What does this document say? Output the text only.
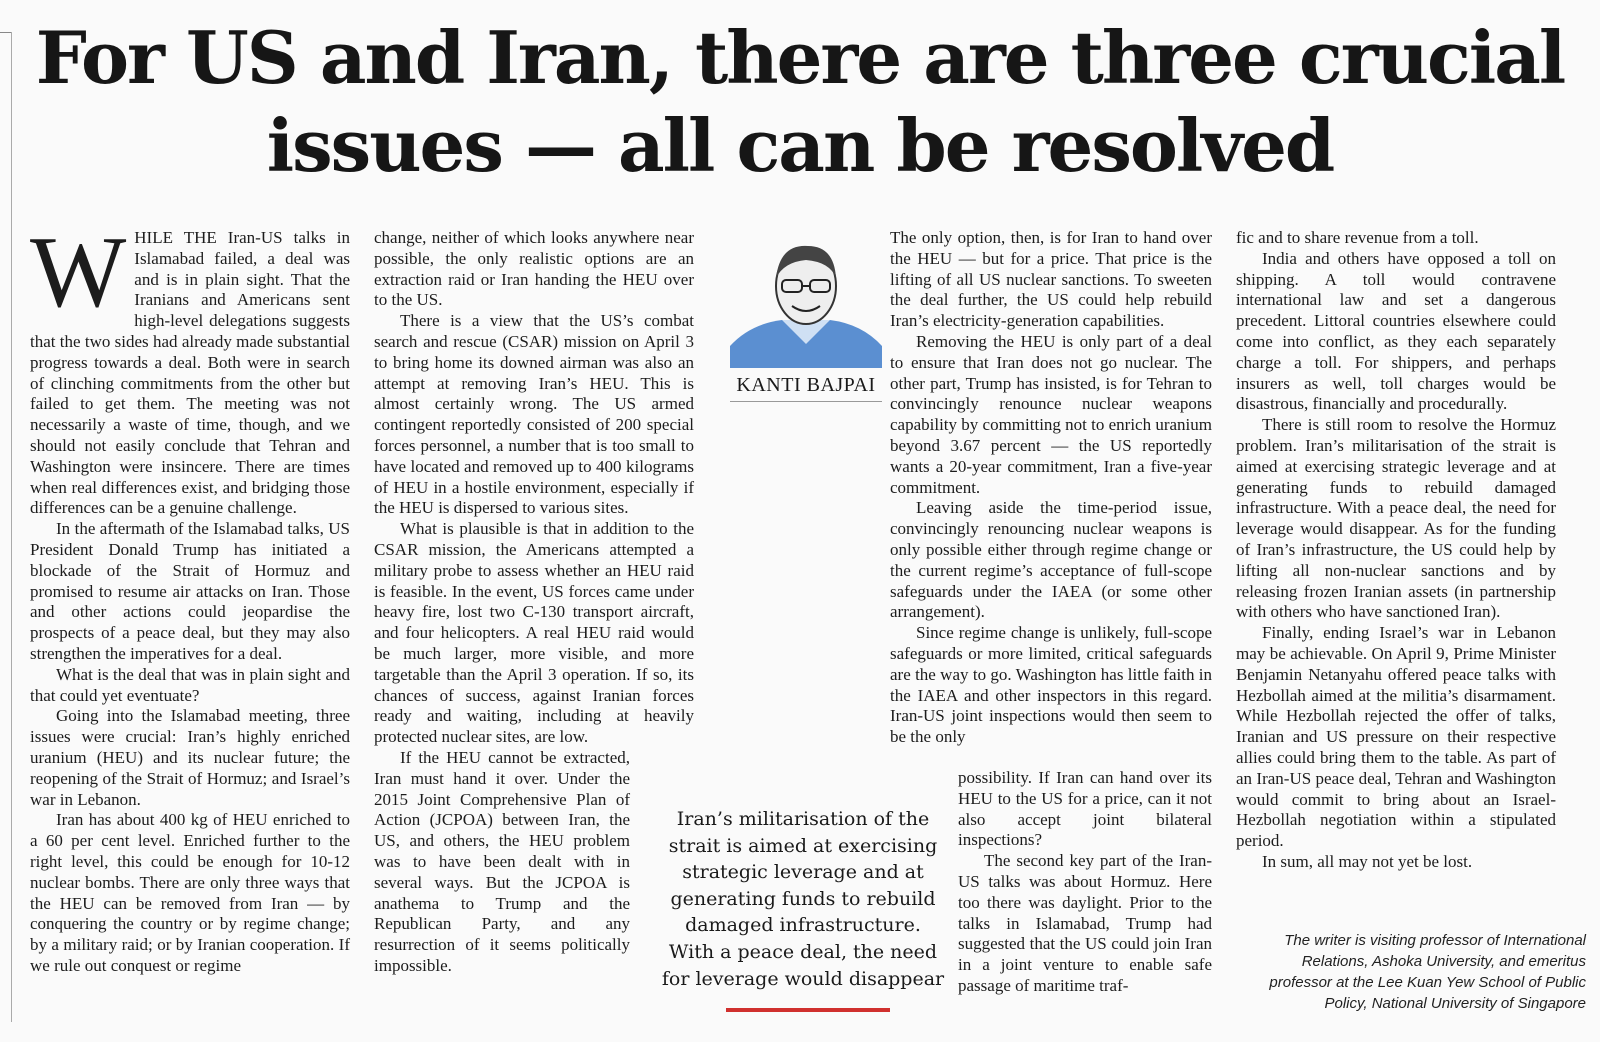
For US and Iran, there are three crucial
issues — all can be resolved

WHILE THE Iran-US talks in Islamabad failed, a deal was and is in plain sight. That the Iranians and Americans sent high-level delegations suggests that the two sides had already made substantial progress towards a deal. Both were in search of clinching commitments from the other but failed to get them. The meeting was not necessarily a waste of time, though, and we should not easily conclude that Tehran and Washington were insincere. There are times when real differences exist, and bridging those differences can be a genuine challenge.

In the aftermath of the Islamabad talks, US President Donald Trump has initiated a blockade of the Strait of Hormuz and promised to resume air attacks on Iran. Those and other actions could jeopardise the prospects of a peace deal, but they may also strengthen the imperatives for a deal.

What is the deal that was in plain sight and that could yet eventuate?

Going into the Islamabad meeting, three issues were crucial: Iran’s highly enriched uranium (HEU) and its nuclear future; the reopening of the Strait of Hormuz; and Israel’s war in Lebanon.

Iran has about 400 kg of HEU enriched to a 60 per cent level. Enriched further to the right level, this could be enough for 10-12 nuclear bombs. There are only three ways that the HEU can be removed from Iran — by conquering the country or by regime change; by a military raid; or by Iranian cooperation. If we rule out conquest or regime

change, neither of which looks anywhere near possible, the only realistic options are an extraction raid or Iran handing the HEU over to the US.

There is a view that the US’s combat search and rescue (CSAR) mission on April 3 to bring home its downed airman was also an attempt at removing Iran’s HEU. This is almost certainly wrong. The US armed contingent reportedly consisted of 200 special forces personnel, a number that is too small to have located and removed up to 400 kilograms of HEU in a hostile environment, especially if the HEU is dispersed to various sites.

What is plausible is that in addition to the CSAR mission, the Americans attempted a military probe to assess whether an HEU raid is feasible. In the event, US forces came under heavy fire, lost two C-130 transport aircraft, and four helicopters. A real HEU raid would be much larger, more visible, and more targetable than the April 3 operation. If so, its chances of success, against Iranian forces ready and waiting, including at heavily protected nuclear sites, are low.

If the HEU cannot be extracted, Iran must hand it over. Under the 2015 Joint Comprehensive Plan of Action (JCPOA) between Iran, the US, and others, the HEU problem was to have been dealt with in several ways. But the JCPOA is anathema to Trump and the Republican Party, and any resurrection of it seems politically impossible.

KANTI BAJPAI

The only option, then, is for Iran to hand over the HEU — but for a price. That price is the lifting of all US nuclear sanctions. To sweeten the deal further, the US could help rebuild Iran’s electricity-generation capabilities.

Removing the HEU is only part of a deal to ensure that Iran does not go nuclear. The other part, Trump has insisted, is for Tehran to convincingly renounce nuclear weapons capability by committing not to enrich uranium beyond 3.67 percent — the US reportedly wants a 20-year commitment, Iran a five-year commitment.

Leaving aside the time-period issue, convincingly renouncing nuclear weapons is only possible either through regime change or the current regime’s acceptance of full-scope safeguards under the IAEA (or some other arrangement).

Since regime change is unlikely, full-scope safeguards or more limited, critical safeguards are the way to go. Washington has little faith in the IAEA and other inspectors in this regard. Iran-US joint inspections would then seem to be the only

possibility. If Iran can hand over its HEU to the US for a price, can it not also accept joint bilateral inspections?

The second key part of the Iran-US talks was about Hormuz. Here too there was daylight. Prior to the talks in Islamabad, Trump had suggested that the US could join Iran in a joint venture to enable safe passage of maritime traf-

fic and to share revenue from a toll.

India and others have opposed a toll on shipping. A toll would contravene international law and set a dangerous precedent. Littoral countries elsewhere could come into conflict, as they each separately charge a toll. For shippers, and perhaps insurers as well, toll charges would be disastrous, financially and procedurally.

There is still room to resolve the Hormuz problem. Iran’s militarisation of the strait is aimed at exercising strategic leverage and at generating funds to rebuild damaged infrastructure. With a peace deal, the need for leverage would disappear. As for the funding of Iran’s infrastructure, the US could help by lifting all non-nuclear sanctions and by releasing frozen Iranian assets (in partnership with others who have sanctioned Iran).

Finally, ending Israel’s war in Lebanon may be achievable. On April 9, Prime Minister Benjamin Netanyahu offered peace talks with Hezbollah aimed at the militia’s disarmament. While Hezbollah rejected the offer of talks, Iranian and US pressure on their respective allies could bring them to the table. As part of an Iran-US peace deal, Tehran and Washington would commit to bring about an Israel-Hezbollah negotiation within a stipulated period.

In sum, all may not yet be lost.

Iran’s militarisation of the strait is aimed at exercising strategic leverage and at generating funds to rebuild damaged infrastructure. With a peace deal, the need for leverage would disappear
The writer is visiting professor of International Relations, Ashoka University, and emeritus professor at the Lee Kuan Yew School of Public Policy, National University of Singapore
